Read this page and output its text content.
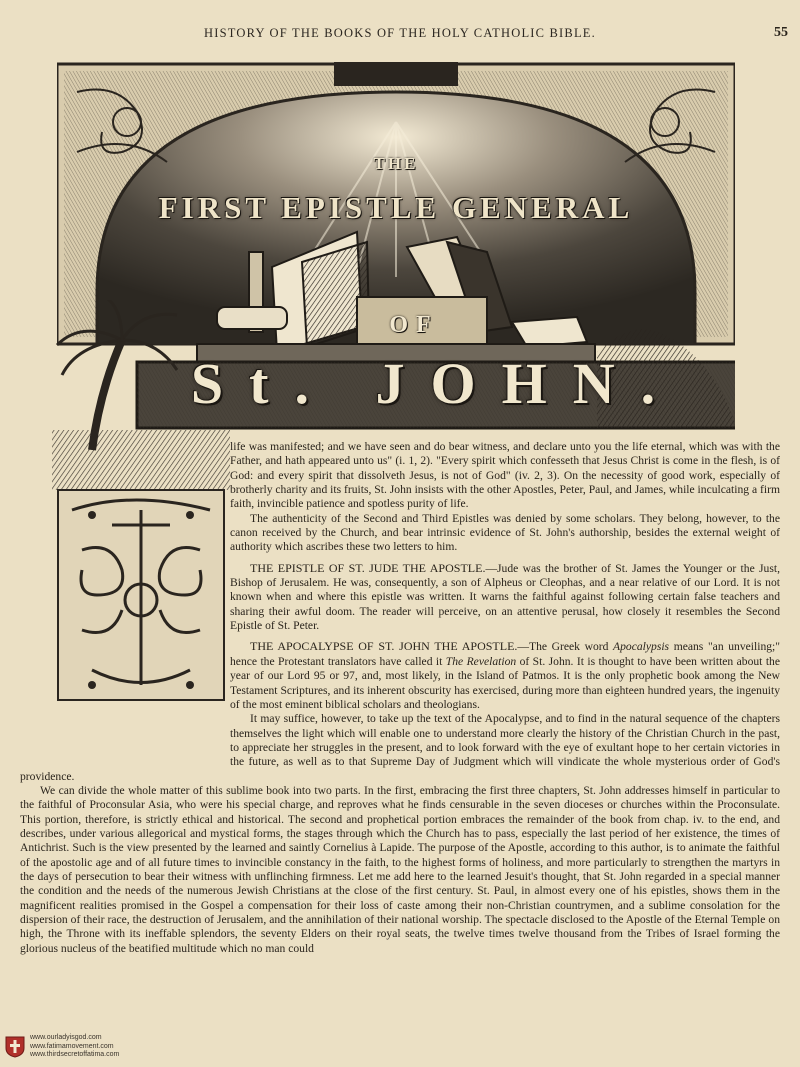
HISTORY OF THE BOOKS OF THE HOLY CATHOLIC BIBLE.	55
THE
FIRST EPISTLE GENERAL
OF
St. JOHN.

life was manifested; and we have seen and do bear witness, and declare unto you the life eternal, which was with the Father, and hath appeared unto us" (i. 1, 2). "Every spirit which confesseth that Jesus Christ is come in the flesh, is of God: and every spirit that dissolveth Jesus, is not of God" (iv. 2, 3). On the necessity of good work, especially of brotherly charity and its fruits, St. John insists with the other Apostles, Peter, Paul, and James, while inculcating a firm faith, invincible patience and spotless purity of life.

The authenticity of the Second and Third Epistles was denied by some scholars. They belong, however, to the canon received by the Church, and bear intrinsic evidence of St. John's authorship, besides the external weight of authority which ascribes these two letters to him.

THE EPISTLE OF ST. JUDE THE APOSTLE.—Jude was the brother of St. James the Younger or the Just, Bishop of Jerusalem. He was, consequently, a son of Alpheus or Cleophas, and a near relative of our Lord. It is not known when and where this epistle was written. It warns the faithful against following certain false teachers and sharing their awful doom. The reader will perceive, on an attentive perusal, how closely it resembles the Second Epistle of St. Peter.

THE APOCALYPSE OF ST. JOHN THE APOSTLE.—The Greek word Apocalypsis means "an unveiling;" hence the Protestant translators have called it The Revelation of St. John. It is thought to have been written about the year of our Lord 95 or 97, and, most likely, in the Island of Patmos. It is the only prophetic book among the New Testament Scriptures, and its inherent obscurity has exercised, during more than eighteen hundred years, the ingenuity of the most eminent biblical scholars and theologians.

It may suffice, however, to take up the text of the Apocalypse, and to find in the natural sequence of the chapters themselves the light which will enable one to understand more clearly the history of the Christian Church in the past, to appreciate her struggles in the present, and to look forward with the eye of exultant hope to her certain victories in the future, as well as to that Supreme Day of Judgment which will vindicate the whole mysterious order of God's providence.

We can divide the whole matter of this sublime book into two parts. In the first, embracing the first three chapters, St. John addresses himself in particular to the faithful of Proconsular Asia, who were his special charge, and reproves what he finds censurable in the seven dioceses or churches within the Proconsulate. This portion, therefore, is strictly ethical and historical. The second and prophetical portion embraces the remainder of the book from chap. iv. to the end, and describes, under various allegorical and mystical forms, the stages through which the Church has to pass, especially the last period of her existence, the times of Antichrist. Such is the view presented by the learned and saintly Cornelius à Lapide. The purpose of the Apostle, according to this author, is to animate the faithful of the apostolic age and of all future times to invincible constancy in the faith, to the highest forms of holiness, and more particularly to strengthen the martyrs in the days of persecution to bear their witness with unflinching firmness. Let me add here to the learned Jesuit's thought, that St. John regarded in a special manner the condition and the needs of the numerous Jewish Christians at the close of the first century. St. Paul, in almost every one of his epistles, shows them in the magnificent realities promised in the Gospel a compensation for their loss of caste among their non-Christian countrymen, and a sublime consolation for the dispersion of their race, the destruction of Jerusalem, and the annihilation of their national worship. The spectacle disclosed to the Apostle of the Eternal Temple on high, the Throne with its ineffable splendors, the seventy Elders on their royal seats, the twelve times twelve thousand from the Tribes of Israel forming the glorious nucleus of the beatified multitude which no man could

www.ourladyisgod.com
www.fatimamovement.com
www.thirdsecretoffatima.com
